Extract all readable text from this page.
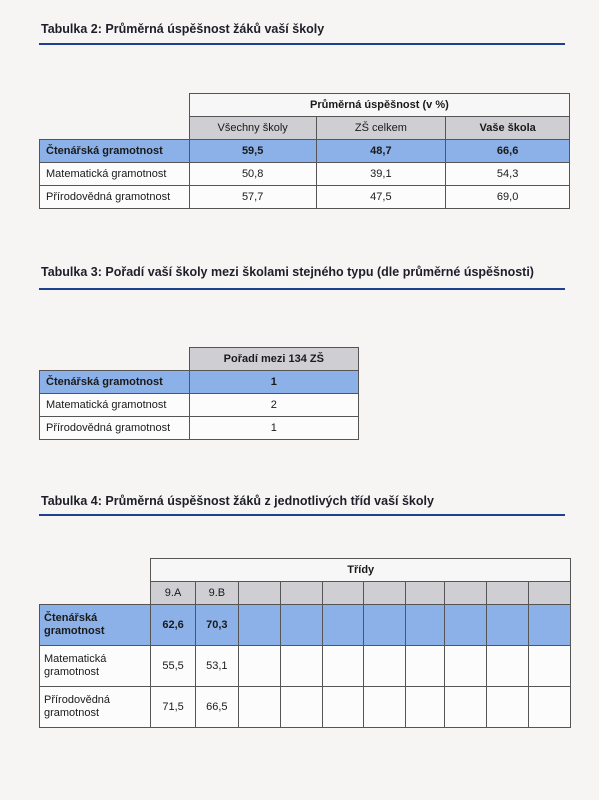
Tabulka 2: Průměrná úspěšnost žáků vaší školy
	Průměrná úspěšnost (v %)		
	Všechny školy	ZŠ celkem	Vaše škola
Čtenářská gramotnost	59,5	48,7	66,6
Matematická gramotnost	50,8	39,1	54,3
Přírodovědná gramotnost	57,7	47,5	69,0
Tabulka 3: Pořadí vaší školy mezi školami stejného typu (dle průměrné úspěšnosti)
	Pořadí mezi 134 ZŠ
Čtenářská gramotnost	1
Matematická gramotnost	2
Přírodovědná gramotnost	1
Tabulka 4: Průměrná úspěšnost žáků z jednotlivých tříd vaší školy
	Třídy									
	9.A	9.B								
Čtenářská
gramotnost	62,6	70,3								
Matematická
gramotnost	55,5	53,1								
Přírodovědná
gramotnost	71,5	66,5								
